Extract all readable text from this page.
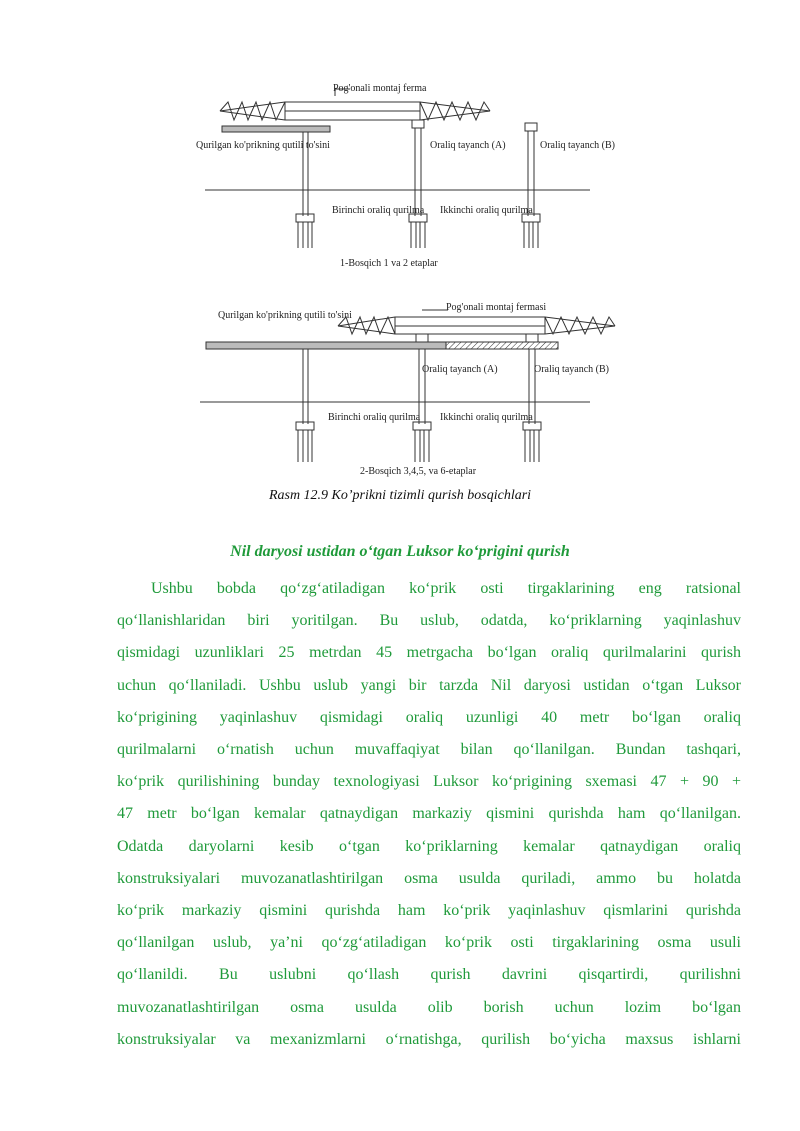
Pog'onali montaj ferma
Qurilgan ko'prikning qutili to'sini	Oraliq tayanch (A)	Oraliq tayanch (B)
Birinchi oraliq qurilma Ikkinchi oraliq qurilma
1-Bosqich 1 va 2 etaplar
Pog'onali montaj fermasi
Qurilgan ko'prikning qutili to'sini
Oraliq tayanch (A)	Oraliq tayanch (B)
Birinchi oraliq qurilma Ikkinchi oraliq qurilma
2-Bosqich 3,4,5, va 6-etaplar
Rasm 12.9 Ko’prikni tizimli qurish bosqichlari
Nil daryosi ustidan o‘tgan Luksor ko‘prigini qurish
Ushbu bobda qo‘zg‘atiladigan ko‘prik osti tirgaklarining eng ratsional
qo‘llanishlaridan biri yoritilgan. Bu uslub, odatda, ko‘priklarning yaqinlashuv
qismidagi uzunliklari 25 metrdan 45 metrgacha bo‘lgan oraliq qurilmalarini qurish
uchun qo‘llaniladi. Ushbu uslub yangi bir tarzda Nil daryosi ustidan o‘tgan Luksor
ko‘prigining yaqinlashuv qismidagi oraliq uzunligi 40 metr bo‘lgan oraliq
qurilmalarni o‘rnatish uchun muvaffaqiyat bilan qo‘llanilgan. Bundan tashqari,
ko‘prik qurilishining bunday texnologiyasi Luksor ko‘prigining sxemasi 47 + 90 +
47 metr bo‘lgan kemalar qatnaydigan markaziy qismini qurishda ham qo‘llanilgan.
Odatda daryolarni kesib o‘tgan ko‘priklarning kemalar qatnaydigan oraliq
konstruksiyalari muvozanatlashtirilgan osma usulda quriladi, ammo bu holatda
ko‘prik markaziy qismini qurishda ham ko‘prik yaqinlashuv qismlarini qurishda
qo‘llanilgan uslub, ya’ni qo‘zg‘atiladigan ko‘prik osti tirgaklarining osma usuli
qo‘llanildi. Bu uslubni qo‘llash qurish davrini qisqartirdi, qurilishni
muvozanatlashtirilgan osma usulda olib borish uchun lozim bo‘lgan
konstruksiyalar va mexanizmlarni o‘rnatishga, qurilish bo‘yicha maxsus ishlarni
